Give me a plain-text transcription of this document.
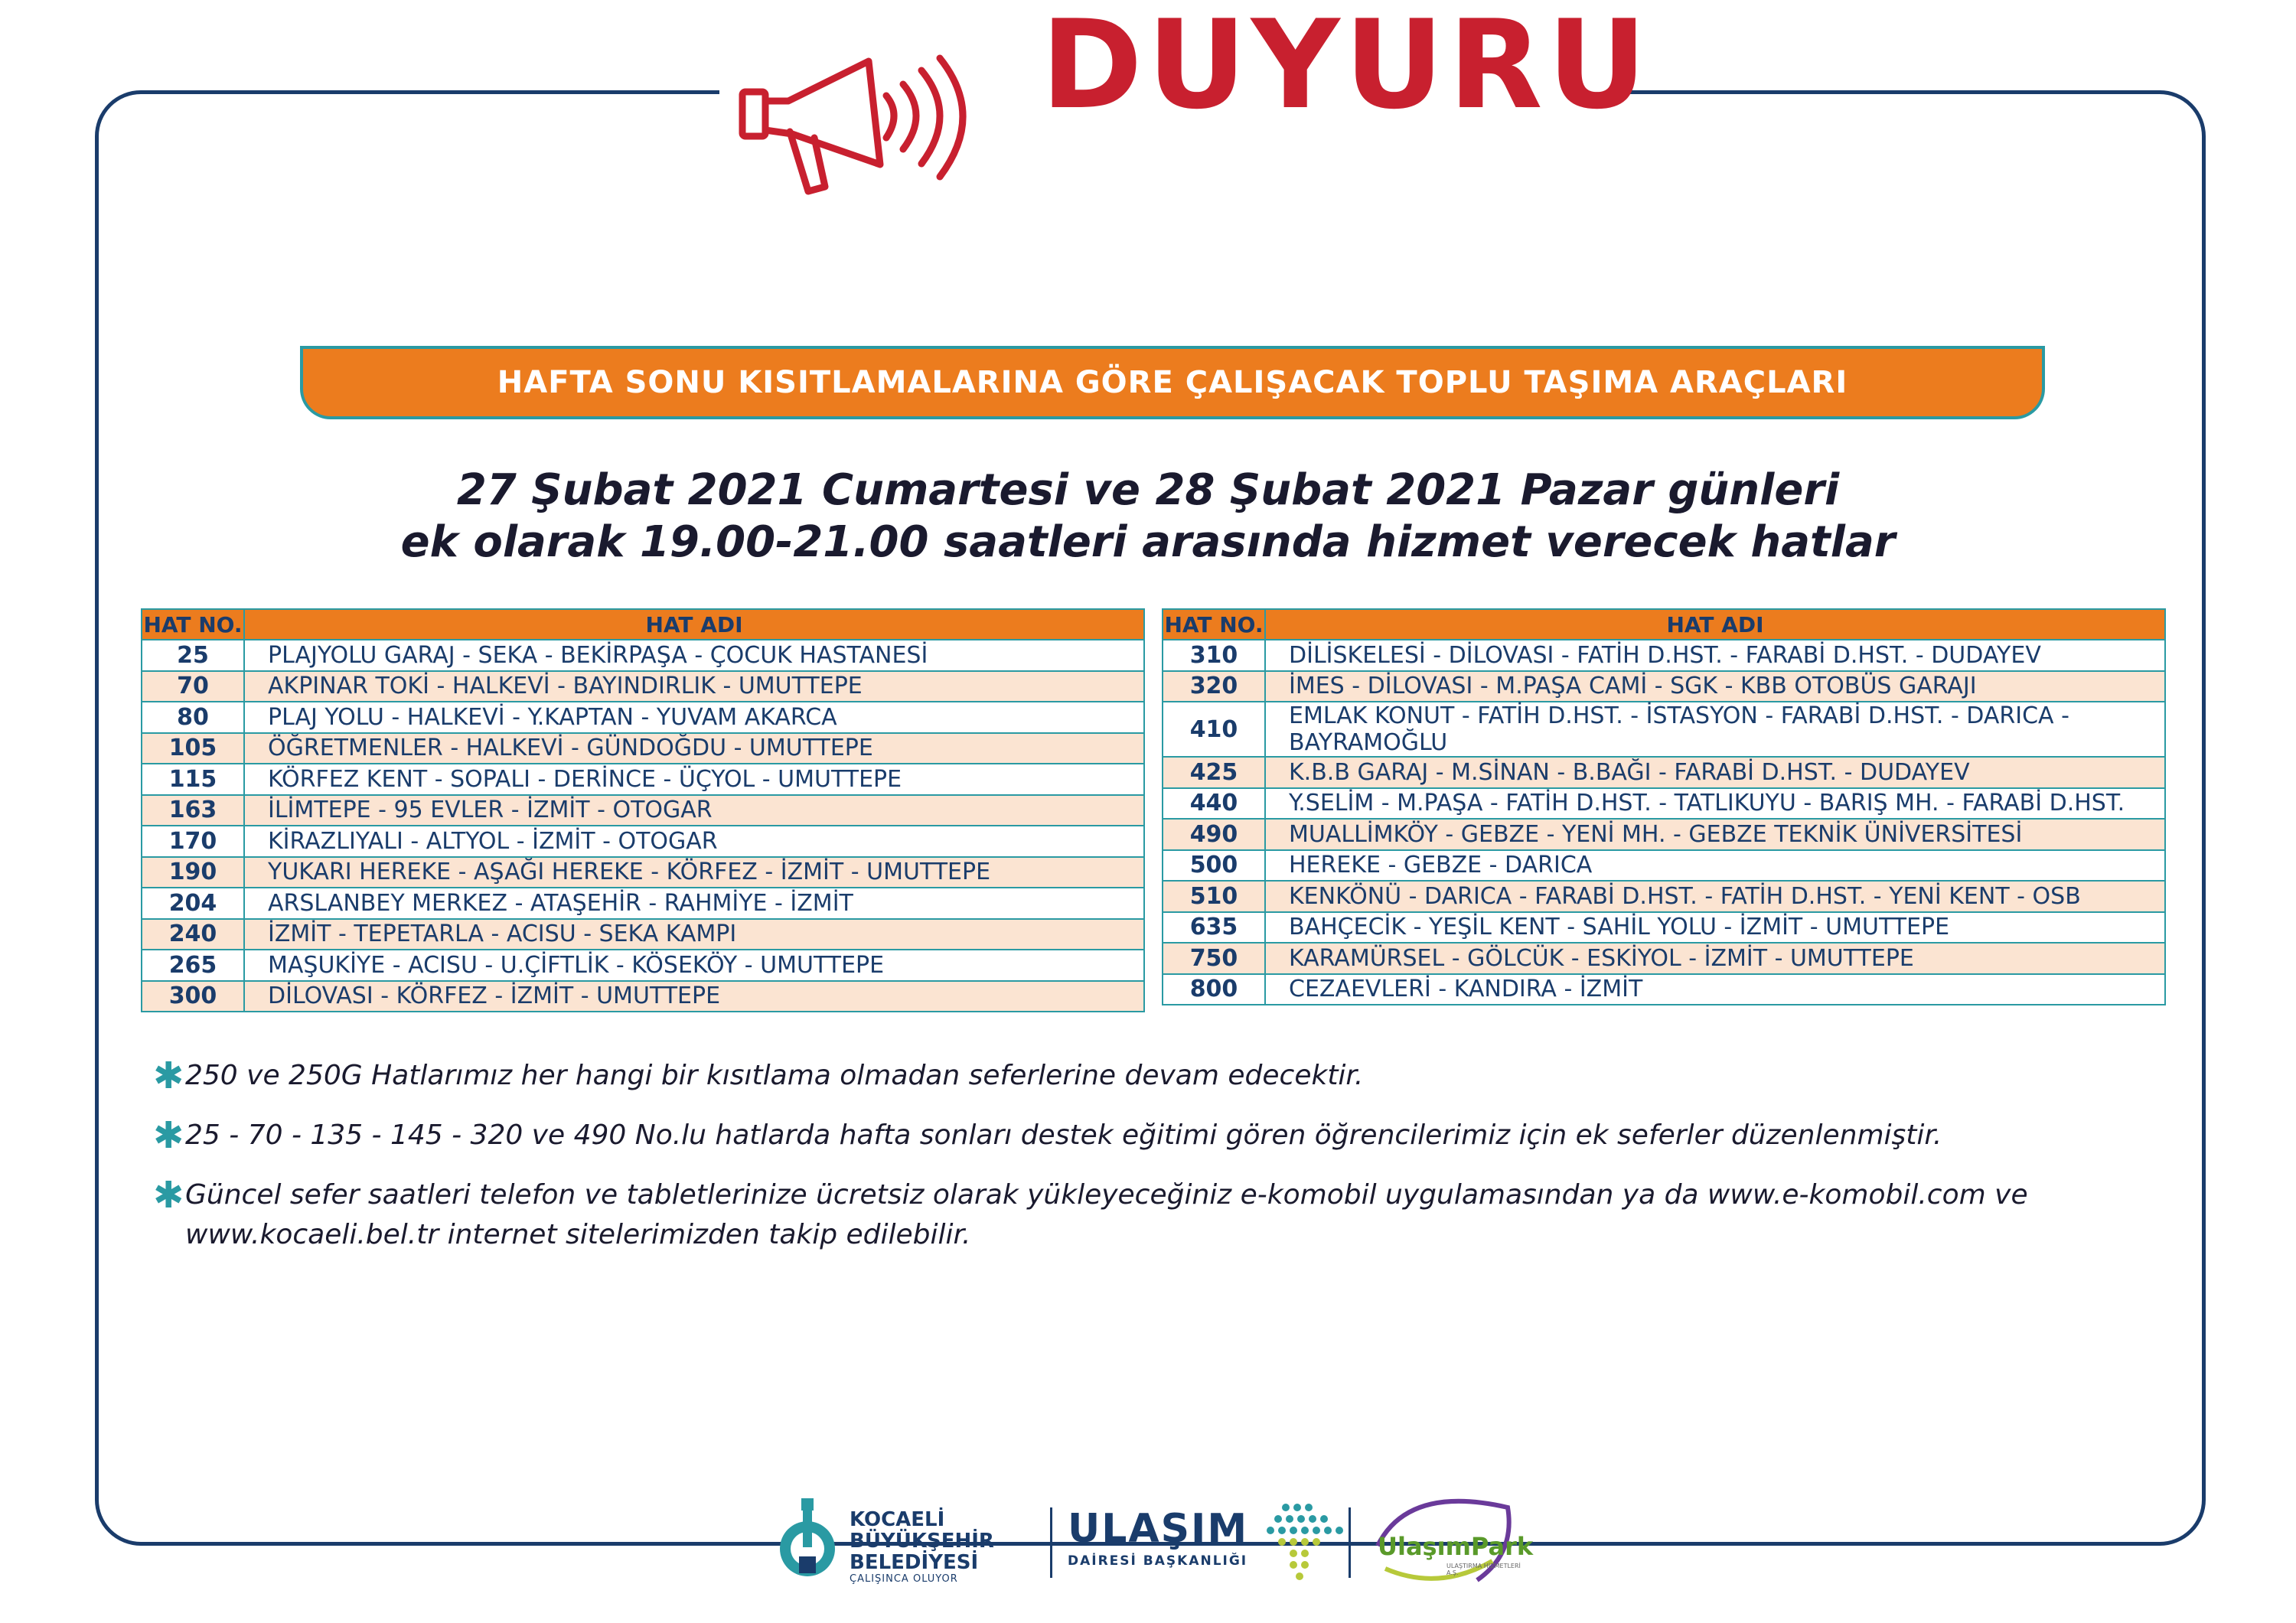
DUYURU
HAFTA SONU KISITLAMALARINA GÖRE ÇALIŞACAK TOPLU TAŞIMA ARAÇLARI
27 Şubat 2021 Cumartesi ve 28 Şubat 2021 Pazar günleri
ek olarak 19.00-21.00 saatleri arasında hizmet verecek hatlar
HAT NO.	HAT ADI
25	PLAJYOLU GARAJ - SEKA - BEKİRPAŞA - ÇOCUK HASTANESİ
70	AKPINAR TOKİ - HALKEVİ - BAYINDIRLIK - UMUTTEPE
80	PLAJ YOLU - HALKEVİ - Y.KAPTAN - YUVAM AKARCA
105	ÖĞRETMENLER - HALKEVİ - GÜNDOĞDU - UMUTTEPE
115	KÖRFEZ KENT - SOPALI - DERİNCE - ÜÇYOL - UMUTTEPE
163	İLİMTEPE - 95 EVLER - İZMİT - OTOGAR
170	KİRAZLIYALI - ALTYOL - İZMİT - OTOGAR
190	YUKARI HEREKE - AŞAĞI HEREKE - KÖRFEZ - İZMİT - UMUTTEPE
204	ARSLANBEY MERKEZ - ATAŞEHİR - RAHMİYE - İZMİT
240	İZMİT - TEPETARLA - ACISU - SEKA KAMPI
265	MAŞUKİYE - ACISU - U.ÇİFTLİK - KÖSEKÖY - UMUTTEPE
300	DİLOVASI - KÖRFEZ - İZMİT - UMUTTEPE
HAT NO.	HAT ADI
310	DİLİSKELESİ - DİLOVASI - FATİH D.HST. - FARABİ D.HST. - DUDAYEV
320	İMES - DİLOVASI - M.PAŞA CAMİ - SGK - KBB OTOBÜS GARAJI
410	EMLAK KONUT - FATİH D.HST. - İSTASYON - FARABİ D.HST. - DARICA - BAYRAMOĞLU
425	K.B.B GARAJ - M.SİNAN - B.BAĞI - FARABİ D.HST. - DUDAYEV
440	Y.SELİM - M.PAŞA - FATİH D.HST. - TATLIKUYU - BARIŞ MH. - FARABİ D.HST.
490	MUALLİMKÖY - GEBZE - YENİ MH. - GEBZE TEKNİK ÜNİVERSİTESİ
500	HEREKE - GEBZE - DARICA
510	KENKÖNÜ - DARICA - FARABİ D.HST. - FATİH D.HST. - YENİ KENT - OSB
635	BAHÇECİK - YEŞİL KENT - SAHİL YOLU - İZMİT - UMUTTEPE
750	KARAMÜRSEL - GÖLCÜK - ESKİYOL - İZMİT - UMUTTEPE
800	CEZAEVLERİ - KANDIRA - İZMİT
✱ 250 ve 250G Hatlarımız her hangi bir kısıtlama olmadan seferlerine devam edecektir.
✱ 25 - 70 - 135 - 145 - 320 ve 490 No.lu hatlarda hafta sonları destek eğitimi gören öğrencilerimiz için ek seferler düzenlenmiştir.
✱ Güncel sefer saatleri telefon ve tabletlerinize ücretsiz olarak yükleyeceğiniz e-komobil uygulamasından ya da www.e-komobil.com ve www.kocaeli.bel.tr internet sitelerimizden takip edilebilir.
KOCAELİ
BÜYÜKŞEHİR
BELEDİYESİ
ÇALIŞINCA OLUYOR
ULAŞIM
DAİRESİ BAŞKANLIĞI	UlaşımPark
ULAŞTIRMA HİZMETLERİ A.Ş.
